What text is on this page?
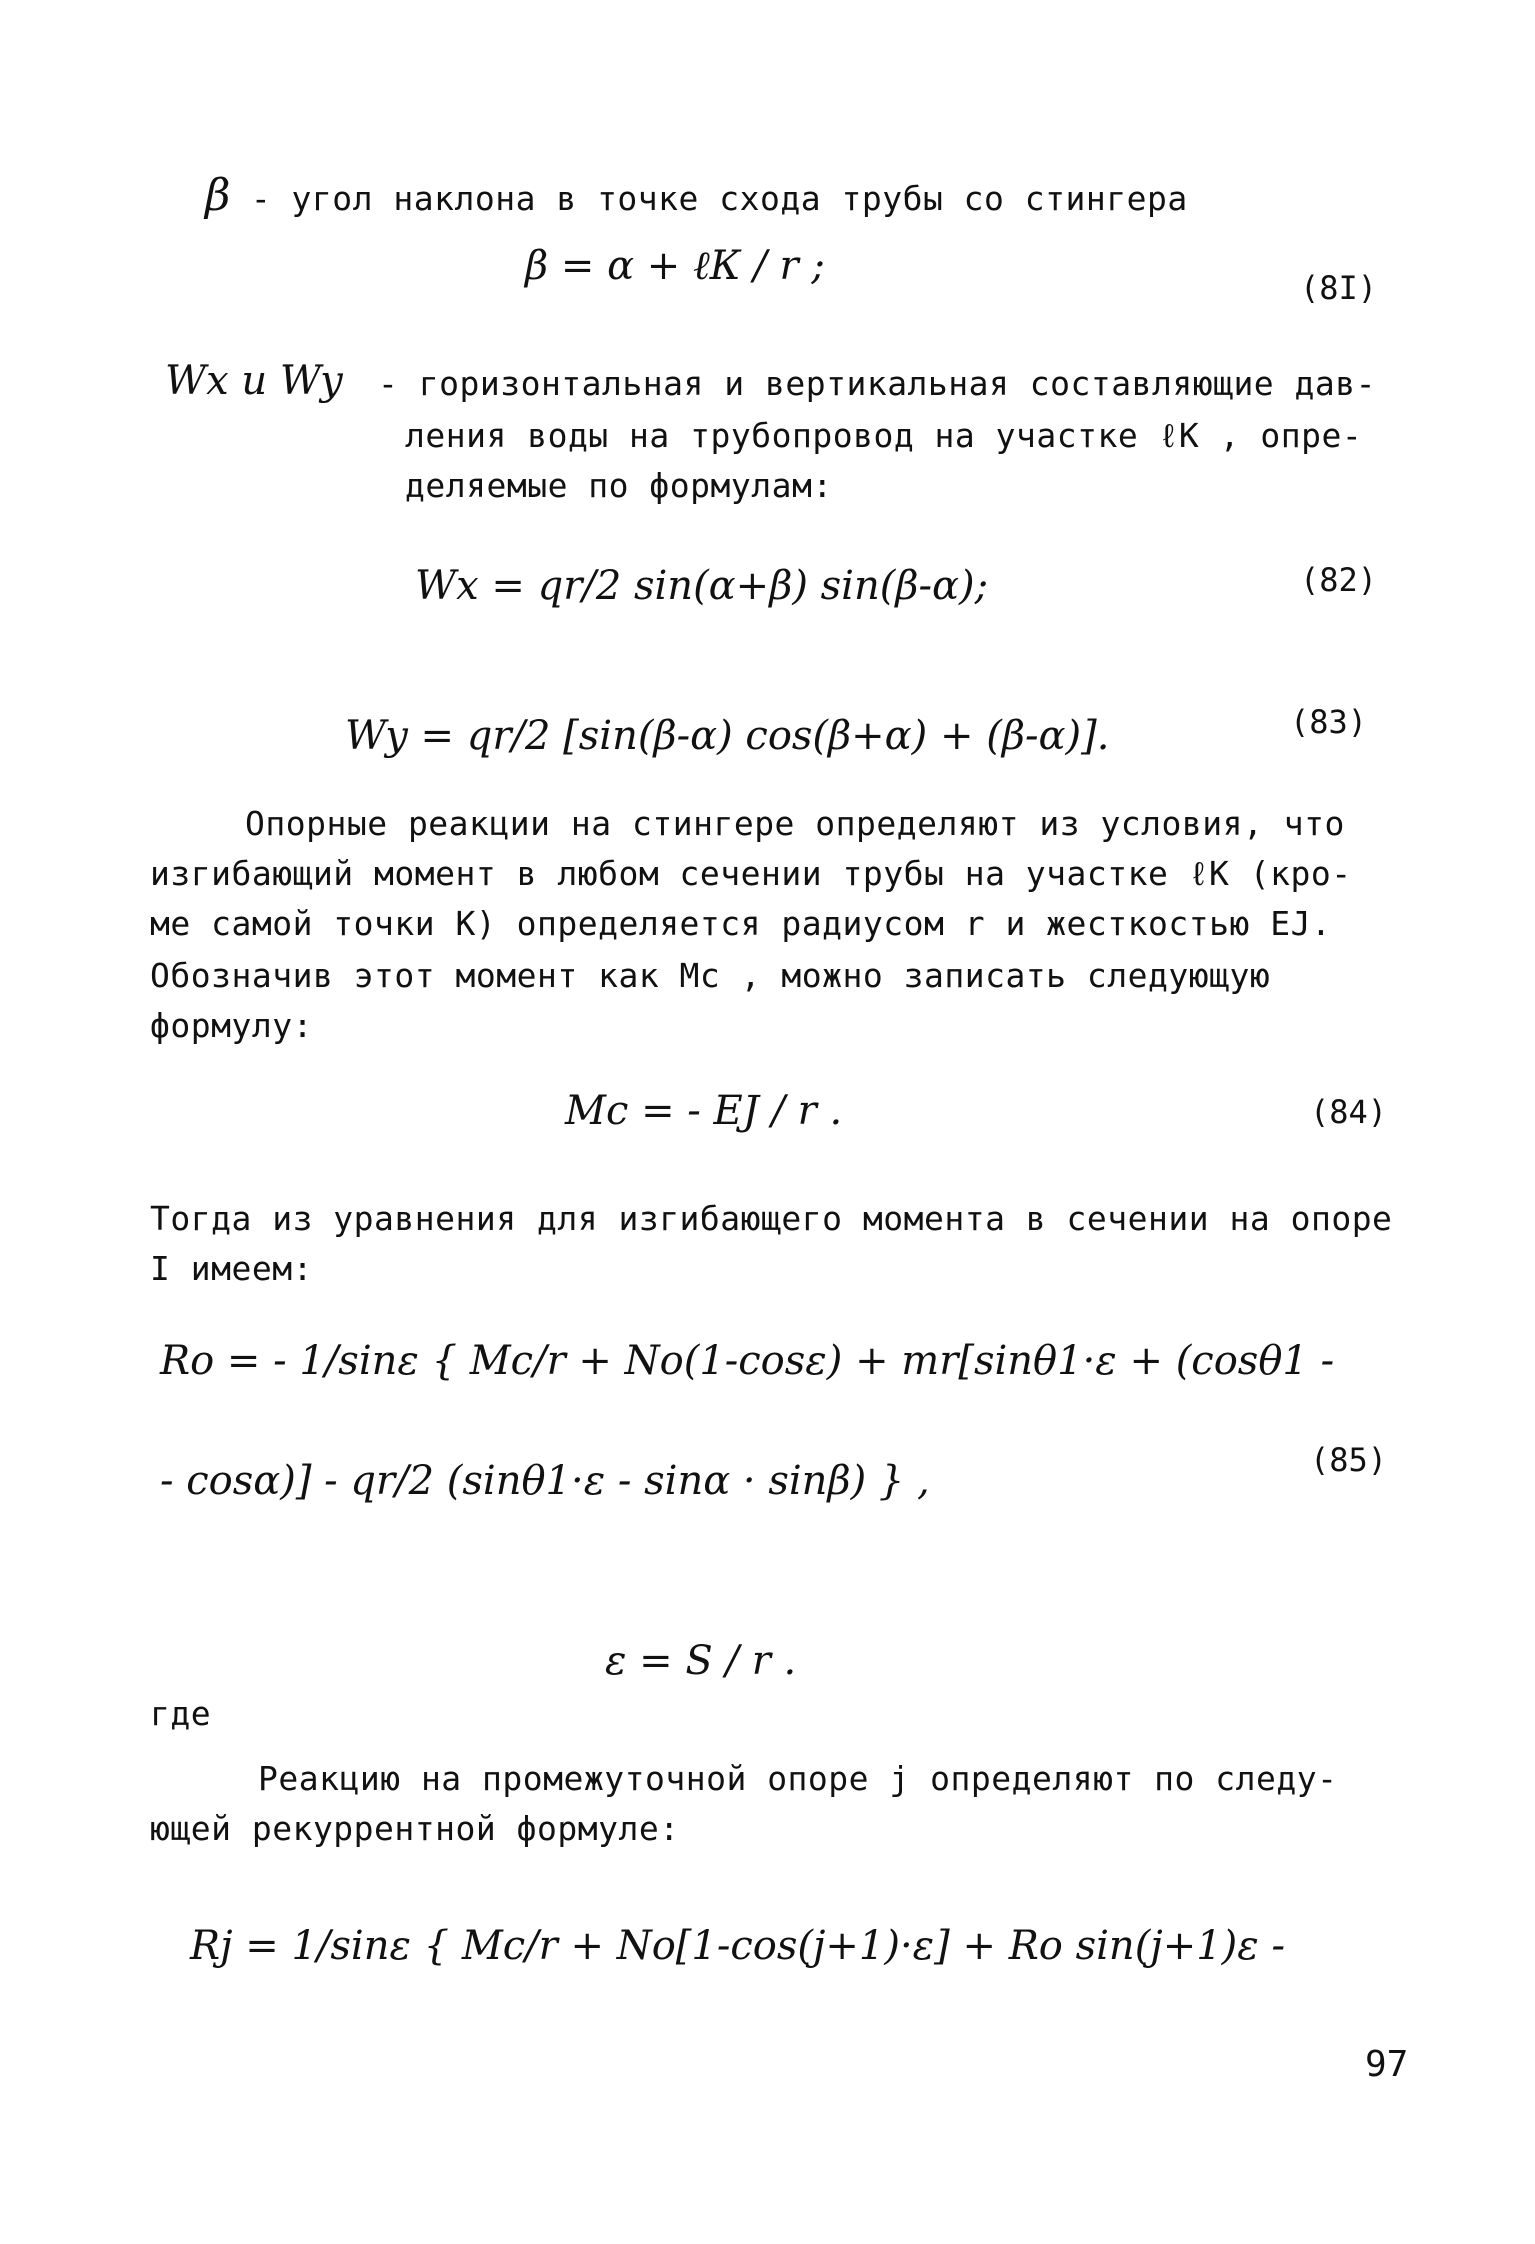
β - угол наклона в точке схода трубы со стингера

β = α + ℓК / r ;	(8I)

Wx и Wy - горизонтальная и вертикальная составляющие дав-

ления воды на трубопровод на участке ℓК , опре-

деляемые по формулам:

Wx = qr/2 sin(α+β) sin(β-α);	(82)
Wy = qr/2 [sin(β-α) cos(β+α) + (β-α)].	(83)

Опорные реакции на стингере определяют из условия, что

изгибающий момент в любом сечении трубы на участке ℓК (кро-

ме самой точки К) определяется радиусом r и жесткостью EJ.

Обозначив этот момент как Mс , можно записать следующую

формулу:

Mс = - EJ / r .	(84)

Тогда из уравнения для изгибающего момента в сечении на опоре

I имеем:

Rо = - 1/sinε { Mс/r + No(1-cosε) + mr[sinθ1·ε + (cosθ1 -
- cosα)] - qr/2 (sinθ1·ε - sinα · sinβ) } ,	(85)
ε = S / r .

где

Реакцию на промежуточной опоре j определяют по следу-

ющей рекуррентной формуле:

Rj = 1/sinε { Mс/r + No[1-cos(j+1)·ε] + Ro sin(j+1)ε -
97
